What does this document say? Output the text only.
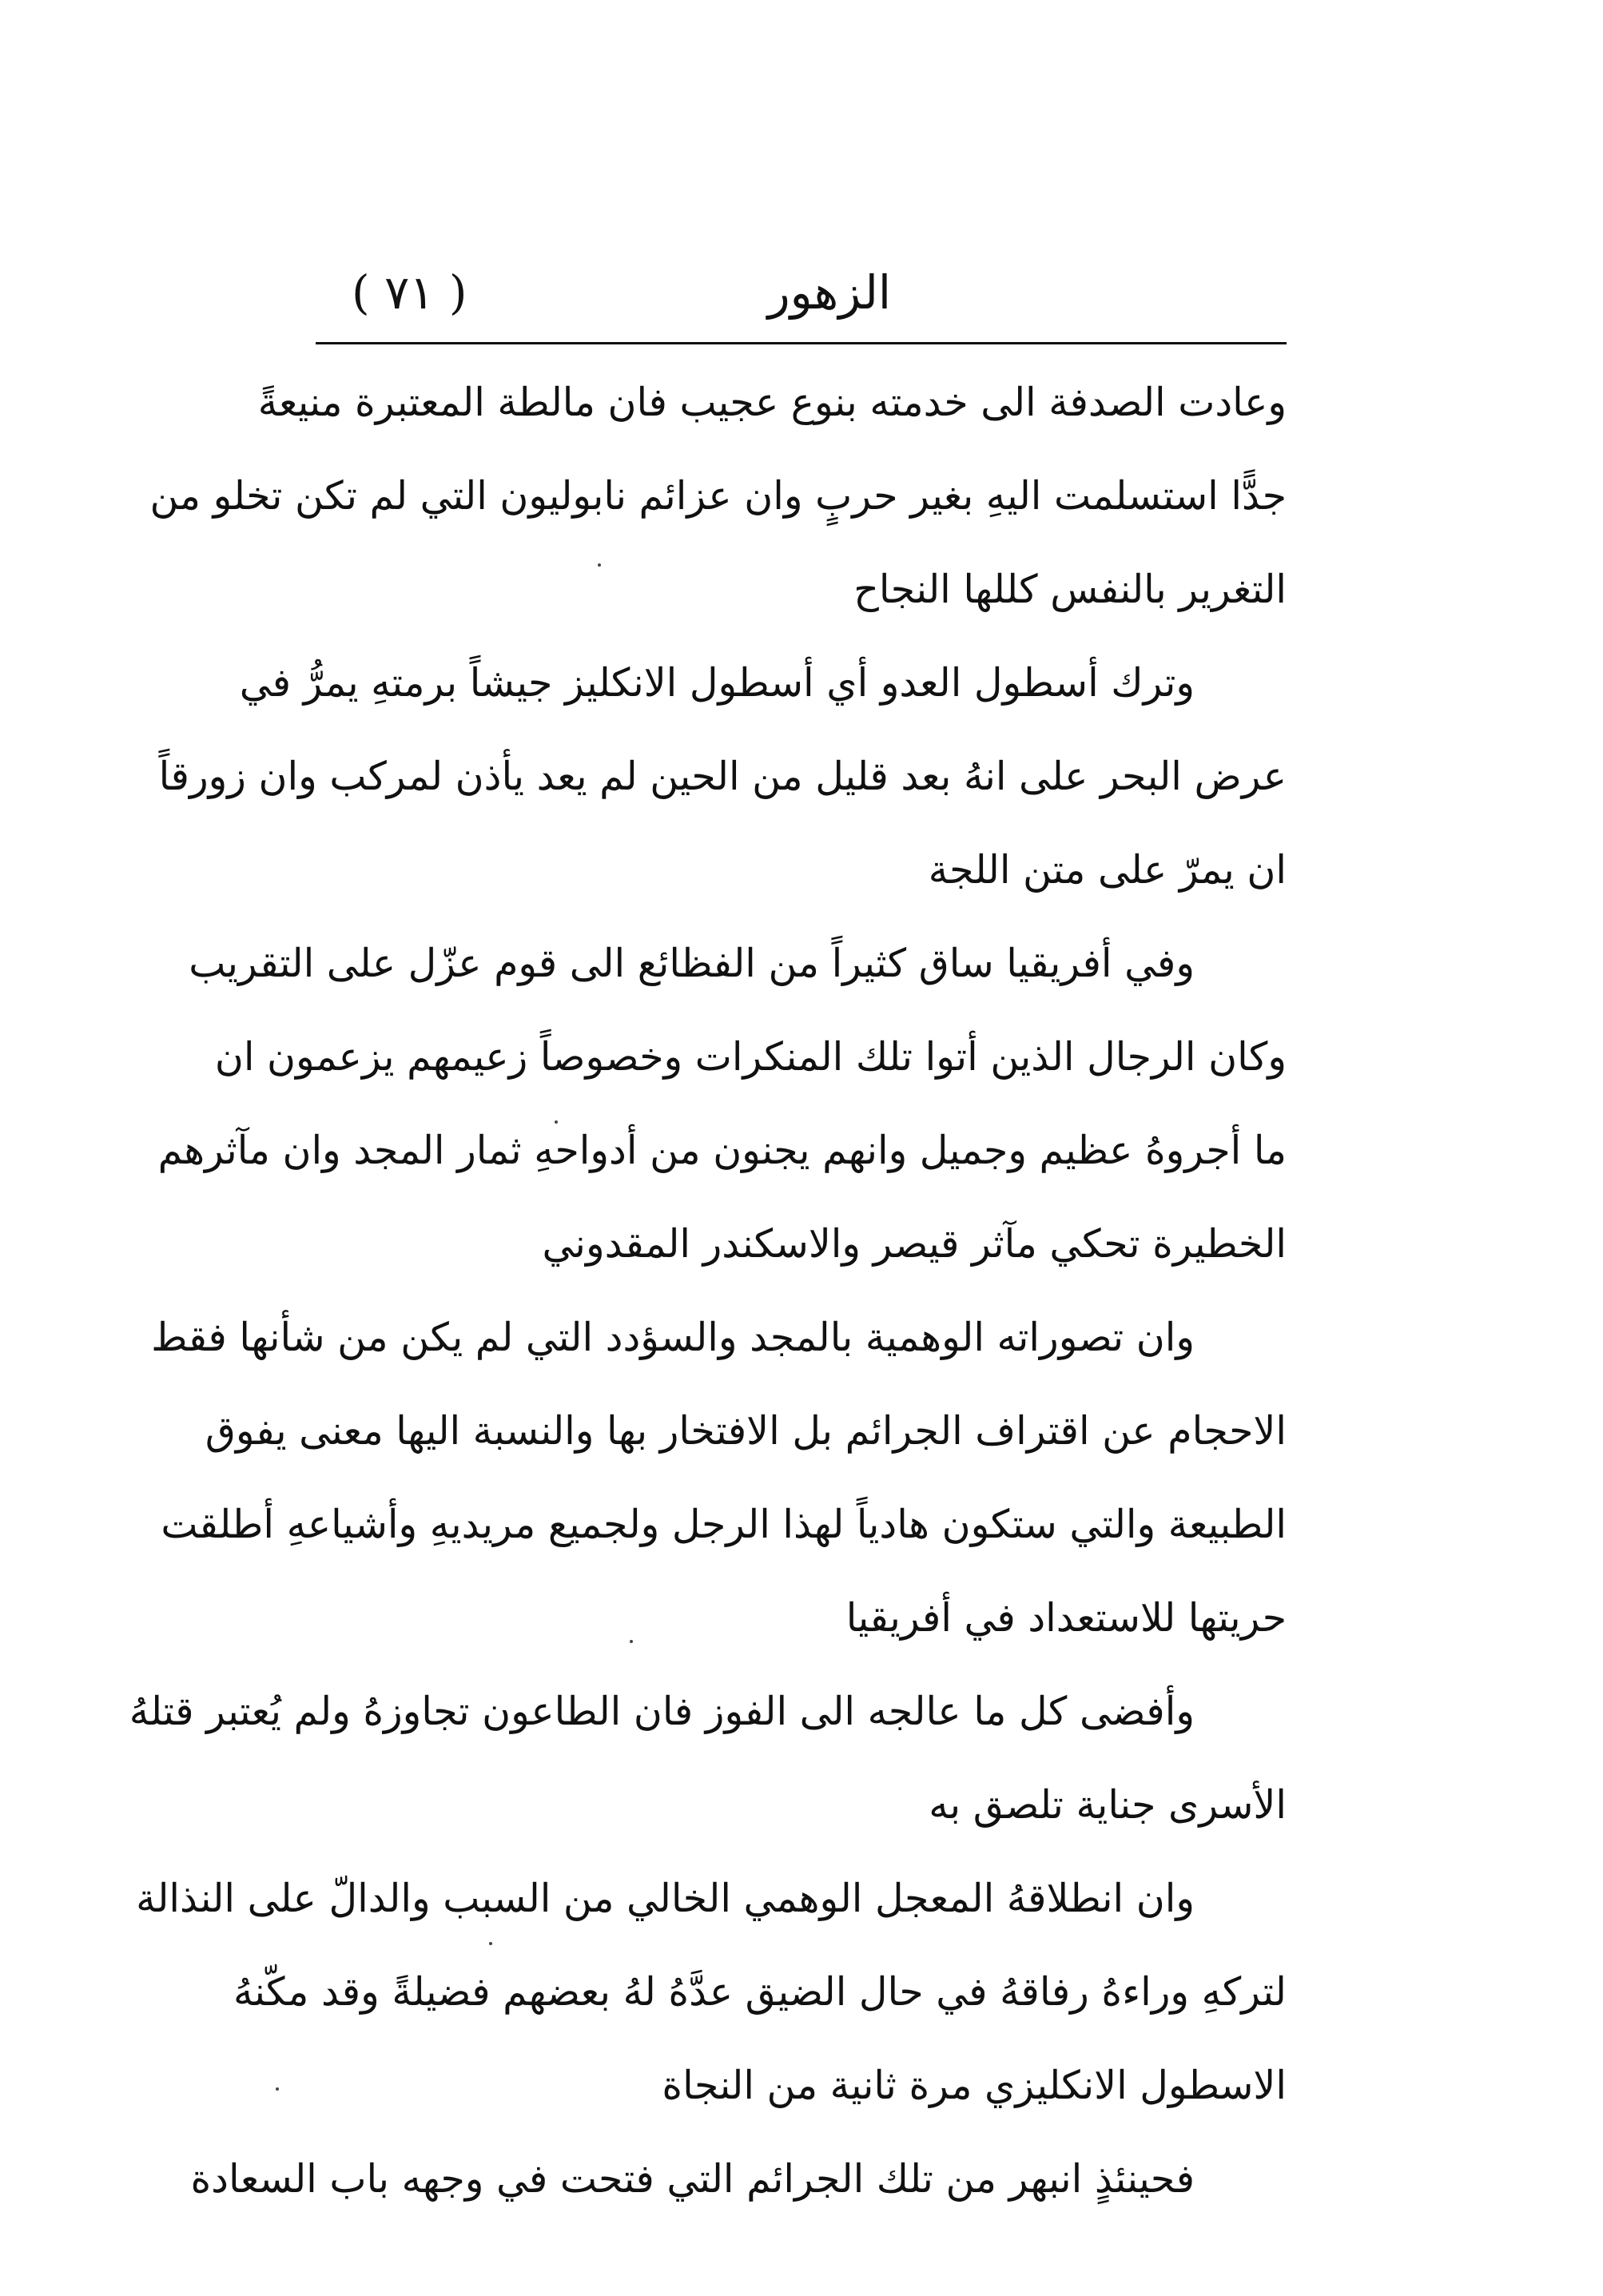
الزهور
( ٧١ )
وعادت الصدفة الى خدمته بنوع عجيب فان مالطة المعتبرة منيعةً
جدًّا استسلمت اليهِ بغير حربٍ وان عزائم نابوليون التي لم تكن تخلو من
التغرير بالنفس كللها النجاح
وترك أسطول العدو أي أسطول الانكليز جيشاً برمتهِ يمرُّ في
عرض البحر على انهُ بعد قليل من الحين لم يعد يأذن لمركب وان زورقاً
ان يمرّ على متن اللجة
وفي أفريقيا ساق كثيراً من الفظائع الى قوم عزّل على التقريب
وكان الرجال الذين أتوا تلك المنكرات وخصوصاً زعيمهم يزعمون ان
ما أجروهُ عظيم وجميل وانهم يجنون من أدواحهِ ثمار المجد وان مآثرهم
الخطيرة تحكي مآثر قيصر والاسكندر المقدوني
وان تصوراته الوهمية بالمجد والسؤدد التي لم يكن من شأنها فقط
الاحجام عن اقتراف الجرائم بل الافتخار بها والنسبة اليها معنى يفوق
الطبيعة والتي ستكون هادياً لهذا الرجل ولجميع مريديهِ وأشياعهِ أطلقت
حريتها للاستعداد في أفريقيا
وأفضى كل ما عالجه الى الفوز فان الطاعون تجاوزهُ ولم يُعتبر قتلهُ
الأسرى جناية تلصق به
وان انطلاقهُ المعجل الوهمي الخالي من السبب والدالّ على النذالة
لتركهِ وراءهُ رفاقهُ في حال الضيق عدَّهُ لهُ بعضهم فضيلةً وقد مكّنهُ
الاسطول الانكليزي مرة ثانية من النجاة
فحينئذٍ انبهر من تلك الجرائم التي فتحت في وجهه باب السعادة
